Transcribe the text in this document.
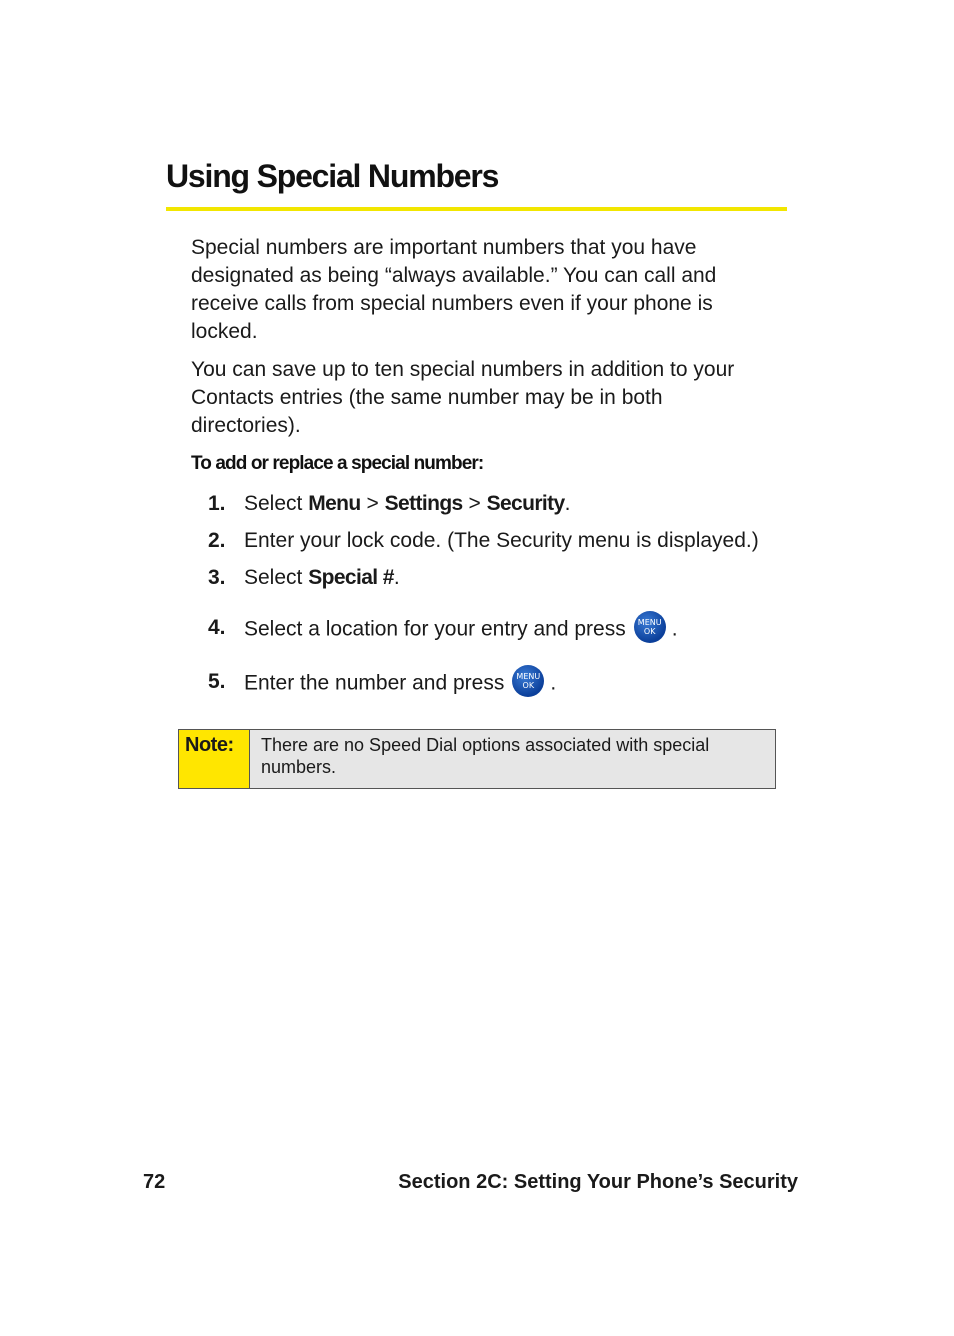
Using Special Numbers

Special numbers are important numbers that you have designated as being “always available.” You can call and receive calls from special numbers even if your phone is locked.

You can save up to ten special numbers in addition to your Contacts entries (the same number may be in both directories).

To add or replace a special number:
1. Select Menu > Settings > Security.
2. Enter your lock code. (The Security menu is displayed.)
3. Select Special #.
4. Select a location for your entry and press MENU
OK .
5. Enter the number and press MENU
OK .
Note:	There are no Speed Dial options associated with special numbers.
72	Section 2C: Setting Your Phone’s Security
